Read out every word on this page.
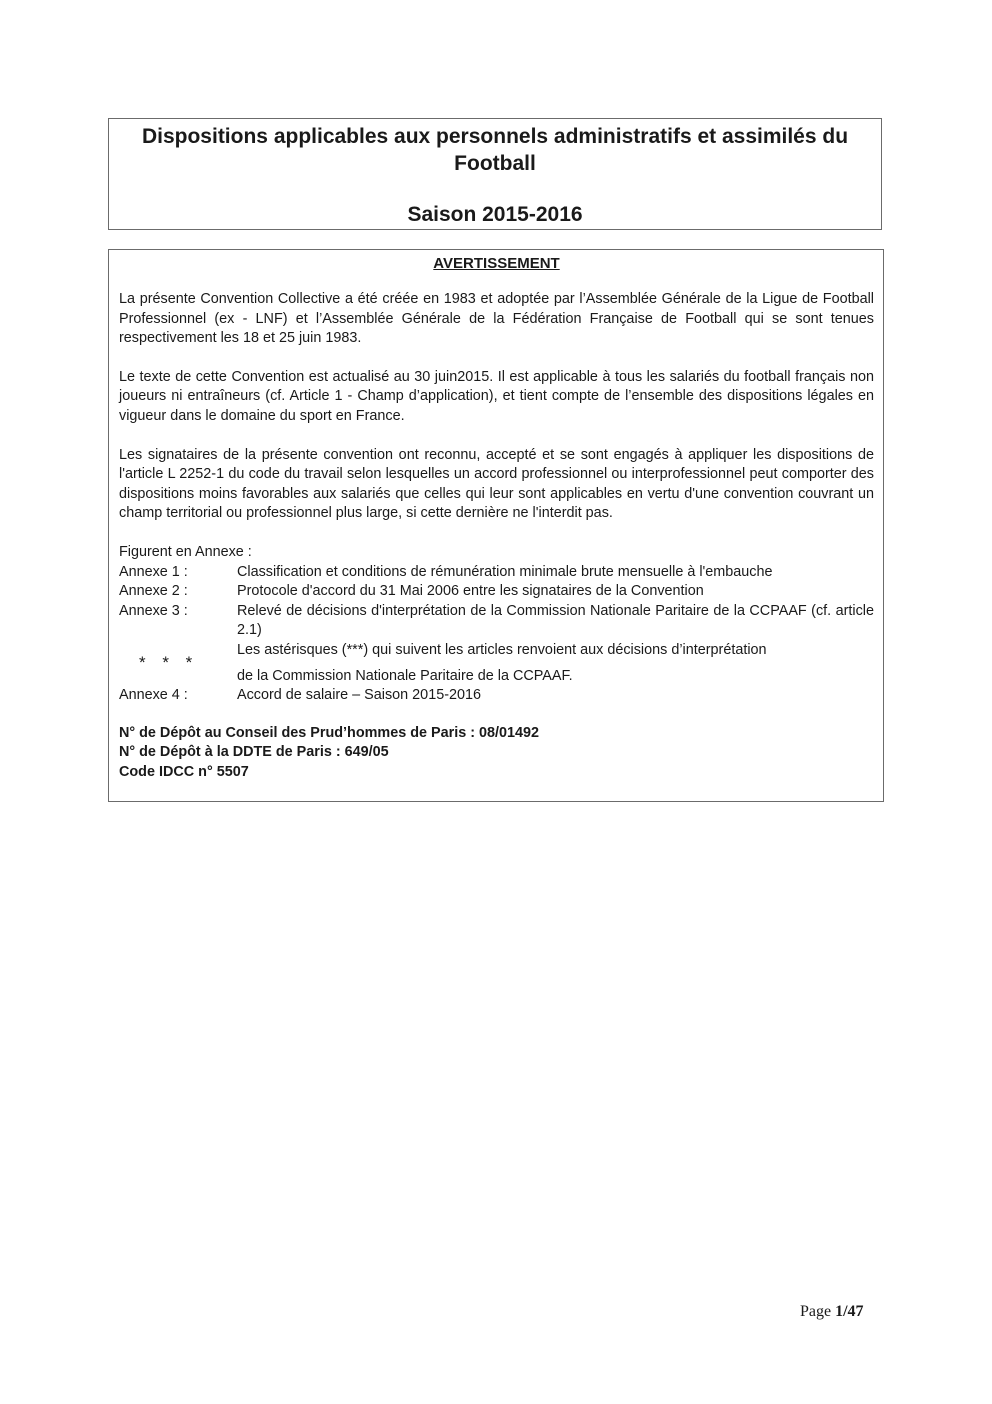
Dispositions applicables aux personnels administratifs et assimilés du Football
Saison 2015-2016
AVERTISSEMENT

La présente Convention Collective a été créée en 1983 et adoptée par l’Assemblée Générale de la Ligue de Football Professionnel (ex - LNF) et l’Assemblée Générale de la Fédération Française de Football qui se sont tenues respectivement les 18 et 25 juin 1983.

Le texte de cette Convention est actualisé au 30 juin2015. Il est applicable à tous les salariés du football français non joueurs ni entraîneurs (cf. Article 1 - Champ d’application), et tient compte de l’ensemble des dispositions légales en vigueur dans le domaine du sport en France.

Les signataires de la présente convention ont reconnu, accepté et se sont engagés à appliquer les dispositions de l'article L 2252-1 du code du travail selon lesquelles un accord professionnel ou interprofessionnel peut comporter des dispositions moins favorables aux salariés que celles qui leur sont applicables en vertu d'une convention couvrant un champ territorial ou professionnel plus large, si cette dernière ne l'interdit pas.

Figurent en Annexe :
Annexe 1 :	Classification et conditions de rémunération minimale brute mensuelle à l'embauche
Annexe 2 :	Protocole d'accord du 31 Mai 2006 entre les signataires de la Convention
Annexe 3 :	Relevé de décisions d'interprétation de la Commission Nationale Paritaire de la CCPAAF (cf. article 2.1)
* * *
Les astérisques (***) qui suivent les articles renvoient aux décisions d’interprétation
de la Commission Nationale Paritaire de la CCPAAF.
Annexe 4 :	Accord de salaire – Saison 2015-2016
N° de Dépôt au Conseil des Prud’hommes de Paris : 08/01492
N° de Dépôt à la DDTE de Paris : 649/05
Code IDCC n° 5507
Page 1/47
